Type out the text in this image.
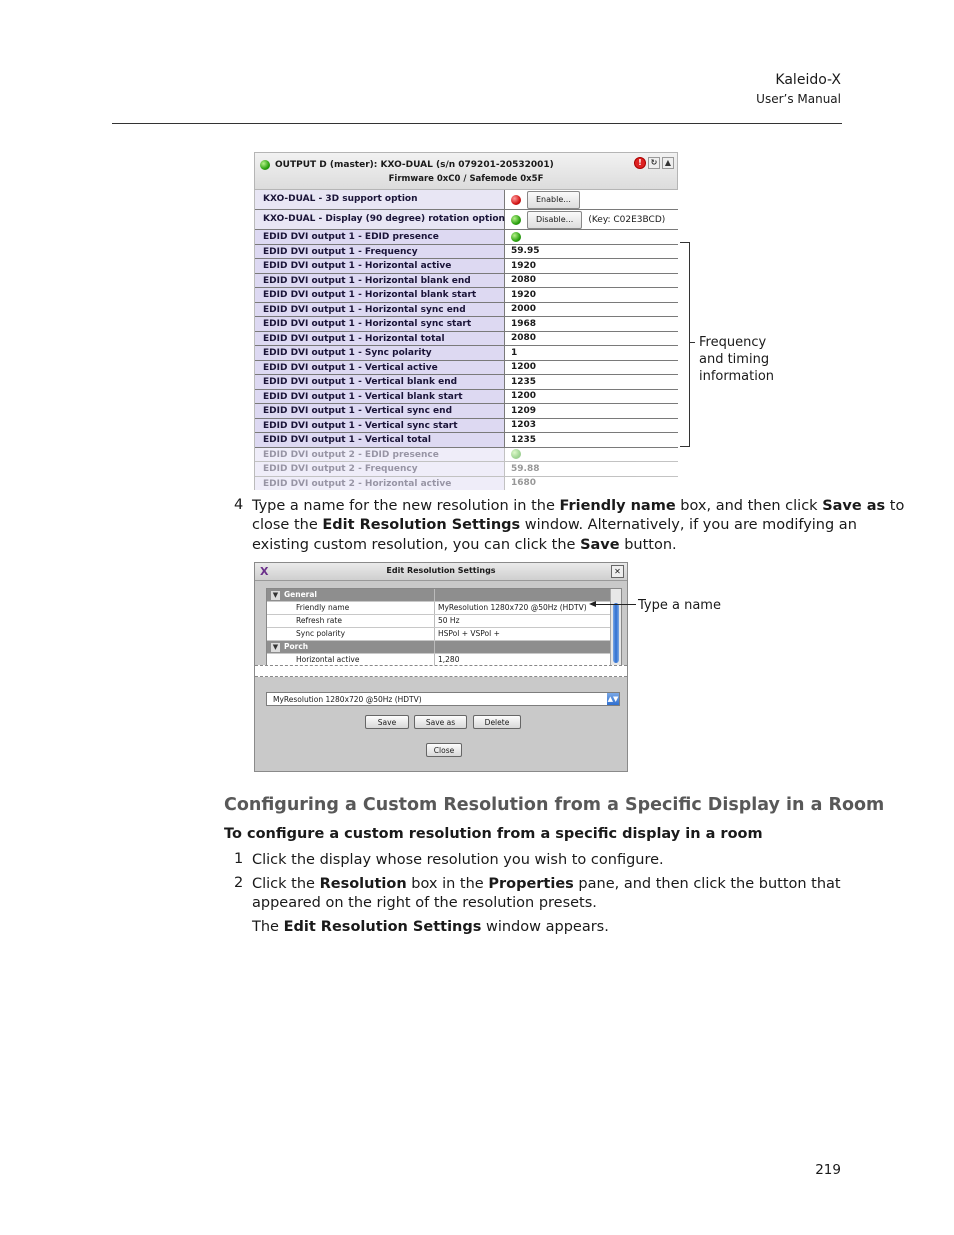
Kaleido-X
User’s Manual
OUTPUT D (master): KXO-DUAL (s/n 079201-20532001)
Firmware 0xC0 / Safemode 0x5F
!	↻ ▲
KXO-DUAL - 3D support option	Enable...
KXO-DUAL - Display (90 degree) rotation option	Disable...	(Key: C02E3BCD)
EDID DVI output 1 - EDID presence
EDID DVI output 1 - Frequency	59.95
EDID DVI output 1 - Horizontal active	1920
EDID DVI output 1 - Horizontal blank end	2080
EDID DVI output 1 - Horizontal blank start	1920
EDID DVI output 1 - Horizontal sync end	2000
EDID DVI output 1 - Horizontal sync start	1968
EDID DVI output 1 - Horizontal total	2080
EDID DVI output 1 - Sync polarity	1
EDID DVI output 1 - Vertical active	1200
EDID DVI output 1 - Vertical blank end	1235
EDID DVI output 1 - Vertical blank start	1200
EDID DVI output 1 - Vertical sync end	1209
EDID DVI output 1 - Vertical sync start	1203
EDID DVI output 1 - Vertical total	1235
EDID DVI output 2 - EDID presence
EDID DVI output 2 - Frequency	59.88
EDID DVI output 2 - Horizontal active	1680
Frequency
and timing
information
4 Type a name for the new resolution in the Friendly name box, and then click Save as to
close the Edit Resolution Settings window. Alternatively, if you are modifying an
existing custom resolution, you can click the Save button.
X	Edit Resolution Settings	✕
▼ General
Friendly name	MyResolution 1280x720 @50Hz (HDTV)
Refresh rate	50 Hz
Sync polarity	HSPol + VSPol +
▼ Porch
Horizontal active	1,280
MyResolution 1280x720 @50Hz (HDTV)	▲▼
Save	Save as	Delete
Close
Type a name
Configuring a Custom Resolution from a Specific Display in a Room
To configure a custom resolution from a specific display in a room
1 Click the display whose resolution you wish to configure.
2 Click the Resolution box in the Properties pane, and then click the button that
appeared on the right of the resolution presets.
The Edit Resolution Settings window appears.
219
